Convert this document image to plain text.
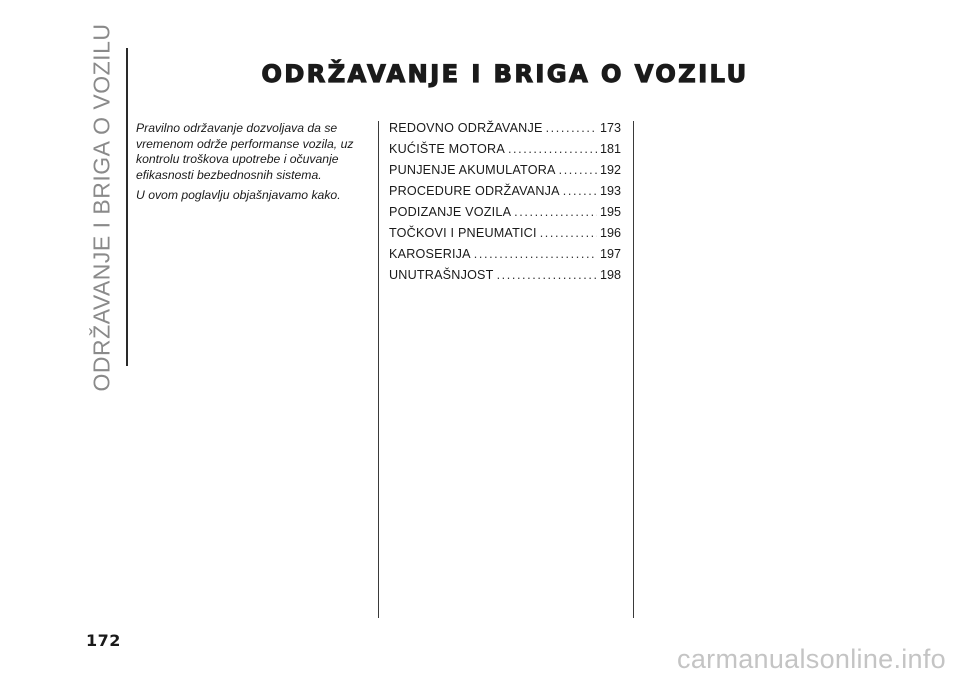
ODRŽAVANJE I BRIGA O VOZILU	ODRŽAVANJE I BRIGA O VOZILU

Pravilno održavanje dozvoljava da se vremenom održe performanse vozila, uz kontrolu troškova upotrebe i očuvanje efikasnosti bezbednosnih sistema.

U ovom poglavlju objašnjavamo kako.

REDOVNO ODRŽAVANJE .....	173
KUĆIŠTE MOTORA .....	181
PUNJENJE AKUMULATORA .....	192
PROCEDURE ODRŽAVANJA .....	193
PODIZANJE VOZILA .....	195
TOČKOVI I PNEUMATICI .....	196
KAROSERIJA .....	197
UNUTRAŠNJOST .....	198
172
carmanualsonline.info
